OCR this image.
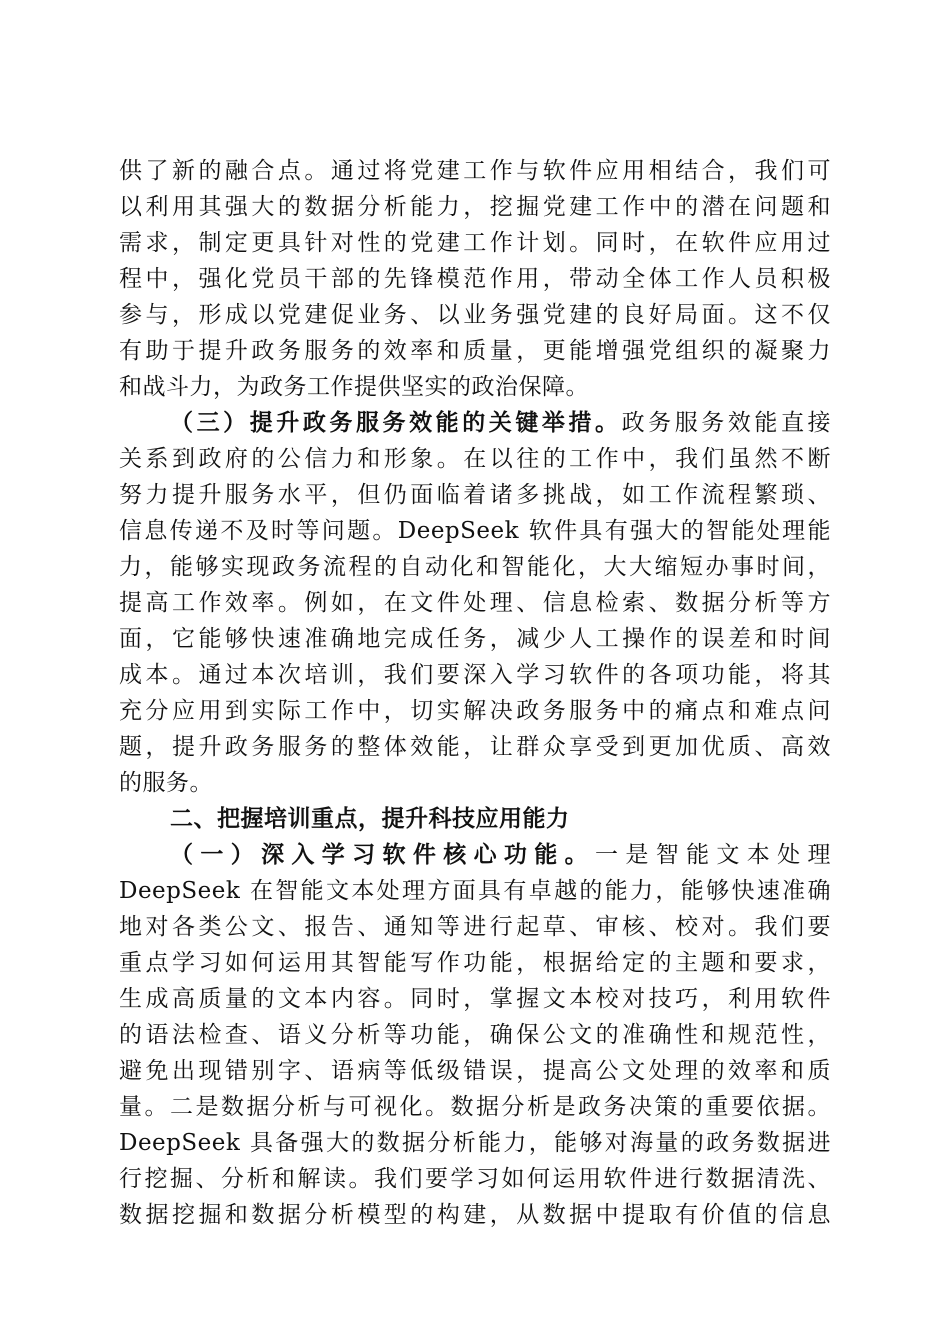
供了新的融合点。通过将党建工作与软件应用相结合，我们可
以利用其强大的数据分析能力，挖掘党建工作中的潜在问题和
需求，制定更具针对性的党建工作计划。同时，在软件应用过
程中，强化党员干部的先锋模范作用，带动全体工作人员积极
参与，形成以党建促业务、以业务强党建的良好局面。这不仅
有助于提升政务服务的效率和质量，更能增强党组织的凝聚力
和战斗力，为政务工作提供坚实的政治保障。
（三）提升政务服务效能的关键举措。政务服务效能直接
关系到政府的公信力和形象。在以往的工作中，我们虽然不断
努力提升服务水平，但仍面临着诸多挑战，如工作流程繁琐、
信息传递不及时等问题。DeepSeek 软件具有强大的智能处理能
力，能够实现政务流程的自动化和智能化，大大缩短办事时间，
提高工作效率。例如，在文件处理、信息检索、数据分析等方
面，它能够快速准确地完成任务，减少人工操作的误差和时间
成本。通过本次培训，我们要深入学习软件的各项功能，将其
充分应用到实际工作中，切实解决政务服务中的痛点和难点问
题，提升政务服务的整体效能，让群众享受到更加优质、高效
的服务。
二、把握培训重点，提升科技应用能力
（一）深入学习软件核心功能。一是智能文本处理
DeepSeek 在智能文本处理方面具有卓越的能力，能够快速准确
地对各类公文、报告、通知等进行起草、审核、校对。我们要
重点学习如何运用其智能写作功能，根据给定的主题和要求，
生成高质量的文本内容。同时，掌握文本校对技巧，利用软件
的语法检查、语义分析等功能，确保公文的准确性和规范性，
避免出现错别字、语病等低级错误，提高公文处理的效率和质
量。二是数据分析与可视化。数据分析是政务决策的重要依据。
DeepSeek 具备强大的数据分析能力，能够对海量的政务数据进
行挖掘、分析和解读。我们要学习如何运用软件进行数据清洗、
数据挖掘和数据分析模型的构建，从数据中提取有价值的信息
